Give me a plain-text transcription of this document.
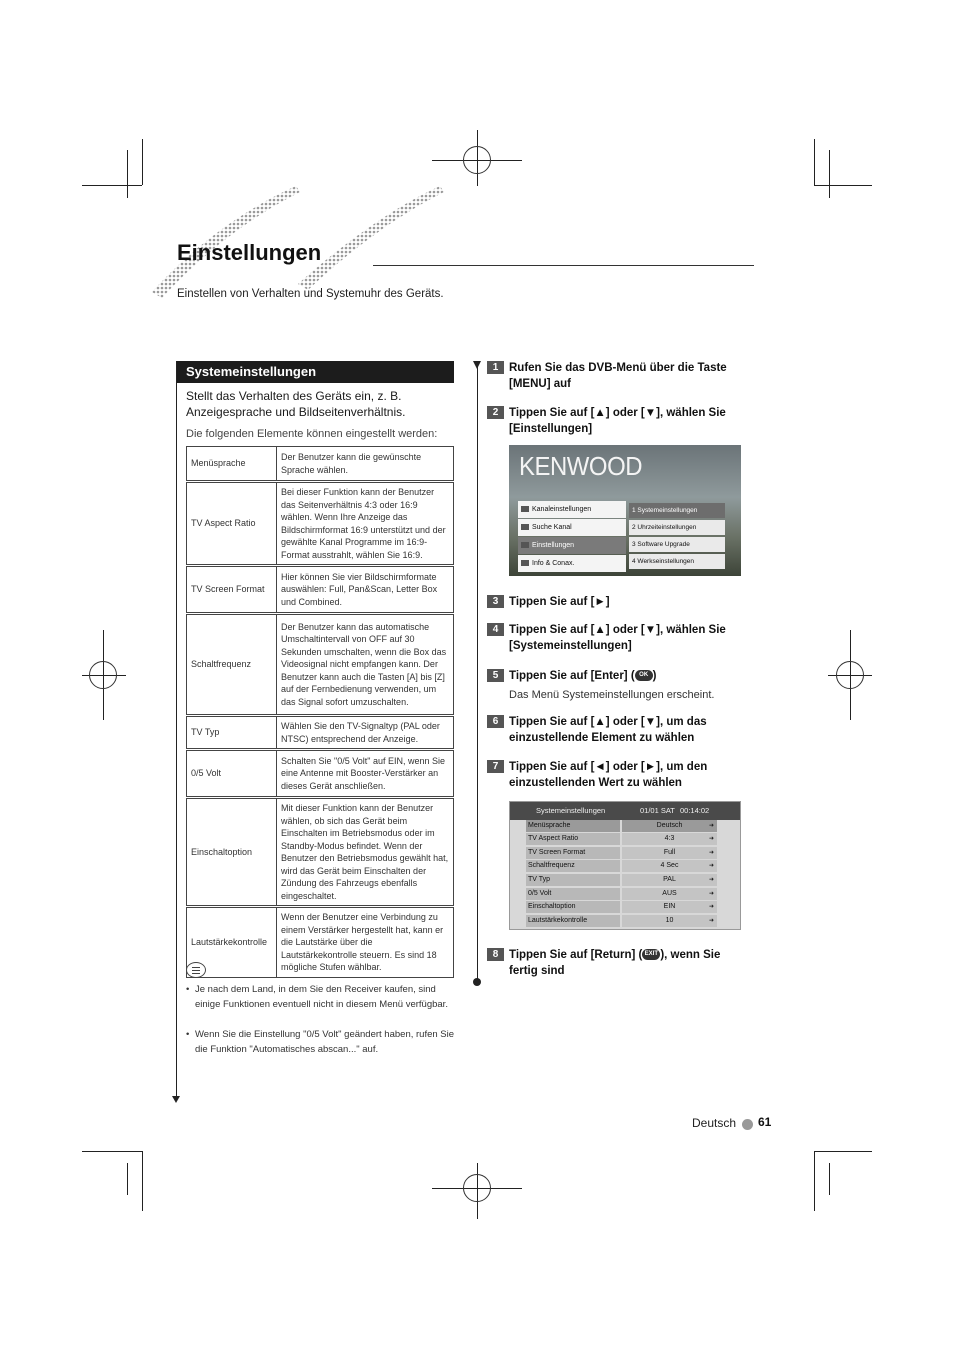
Einstellungen
Einstellen von Verhalten und Systemuhr des Geräts.
Systemeinstellungen
Stellt das Verhalten des Geräts ein, z. B. Anzeigesprache und Bildseitenverhältnis.
Die folgenden Elemente können eingestellt werden:
Menüsprache	Der Benutzer kann die gewünschte Sprache wählen.

TV Aspect Ratio	Bei dieser Funktion kann der Benutzer das Seitenverhältnis 4:3 oder 16:9 wählen. Wenn Ihre Anzeige das Bildschirmformat 16:9 unterstützt und der gewählte Kanal Programme im 16:9-Format ausstrahlt, wählen Sie 16:9.

TV Screen Format	Hier können Sie vier Bildschirmformate auswählen: Full, Pan&Scan, Letter Box und Combined.

Schaltfrequenz	Der Benutzer kann das automatische Umschaltintervall von OFF auf 30 Sekunden umschalten, wenn die Box das Videosignal nicht empfangen kann. Der Benutzer kann auch die Tasten [A] bis [Z] auf der Fernbedienung verwenden, um das Signal sofort umzuschalten.

TV Typ	Wählen Sie den TV-Signaltyp (PAL oder NTSC) entsprechend der Anzeige.

0/5 Volt	Schalten Sie "0/5 Volt" auf EIN, wenn Sie eine Antenne mit Booster-Verstärker an dieses Gerät anschließen.

Einschaltoption	Mit dieser Funktion kann der Benutzer wählen, ob sich das Gerät beim Einschalten im Betriebsmodus oder im Standby-Modus befindet. Wenn der Benutzer den Betriebsmodus gewählt hat, wird das Gerät beim Einschalten der Zündung des Fahrzeugs ebenfalls eingeschaltet.

Lautstärkekontrolle	Wenn der Benutzer eine Verbindung zu einem Verstärker hergestellt hat, kann er die Lautstärke über die Lautstärkekontrolle steuern. Es sind 18 mögliche Stufen wählbar.
• Je nach dem Land, in dem Sie den Receiver kaufen, sind einige Funktionen eventuell nicht in diesem Menü verfügbar.
• Wenn Sie die Einstellung "0/5 Volt" geändert haben, rufen Sie die Funktion "Automatisches abscan..." auf.
1 Rufen Sie das DVB-Menü über die Taste [MENU] auf
2 Tippen Sie auf [▲] oder [▼], wählen Sie [Einstellungen]
KENWOOD
Kanaleinstellungen
Suche Kanal
Einstellungen
Info & Conax.
1 Systemeinstellungen
2 Uhrzeiteinstellungen
3 Software Upgrade
4 Werkseinstellungen
3 Tippen Sie auf [►]
4 Tippen Sie auf [▲] oder [▼], wählen Sie [Systemeinstellungen]
5 Tippen Sie auf [Enter] ( OK )
Das Menü Systemeinstellungen erscheint.
6 Tippen Sie auf [▲] oder [▼], um das einzustellende Element zu wählen
7 Tippen Sie auf [◄] oder [►], um den einzustellenden Wert zu wählen
Systemeinstellungen	01/01 SAT 00:14:02
Menüsprache	Deutsch	➜
TV Aspect Ratio	4:3	➜
TV Screen Format	Full	➜
Schaltfrequenz	4 Sec	➜
TV Typ	PAL	➜
0/5 Volt	AUS	➜
Einschaltoption	EIN	➜
Lautstärkekontrolle	10	➜
8 Tippen Sie auf [Return] ( EXIT ), wenn Sie fertig sind
Deutsch 61
